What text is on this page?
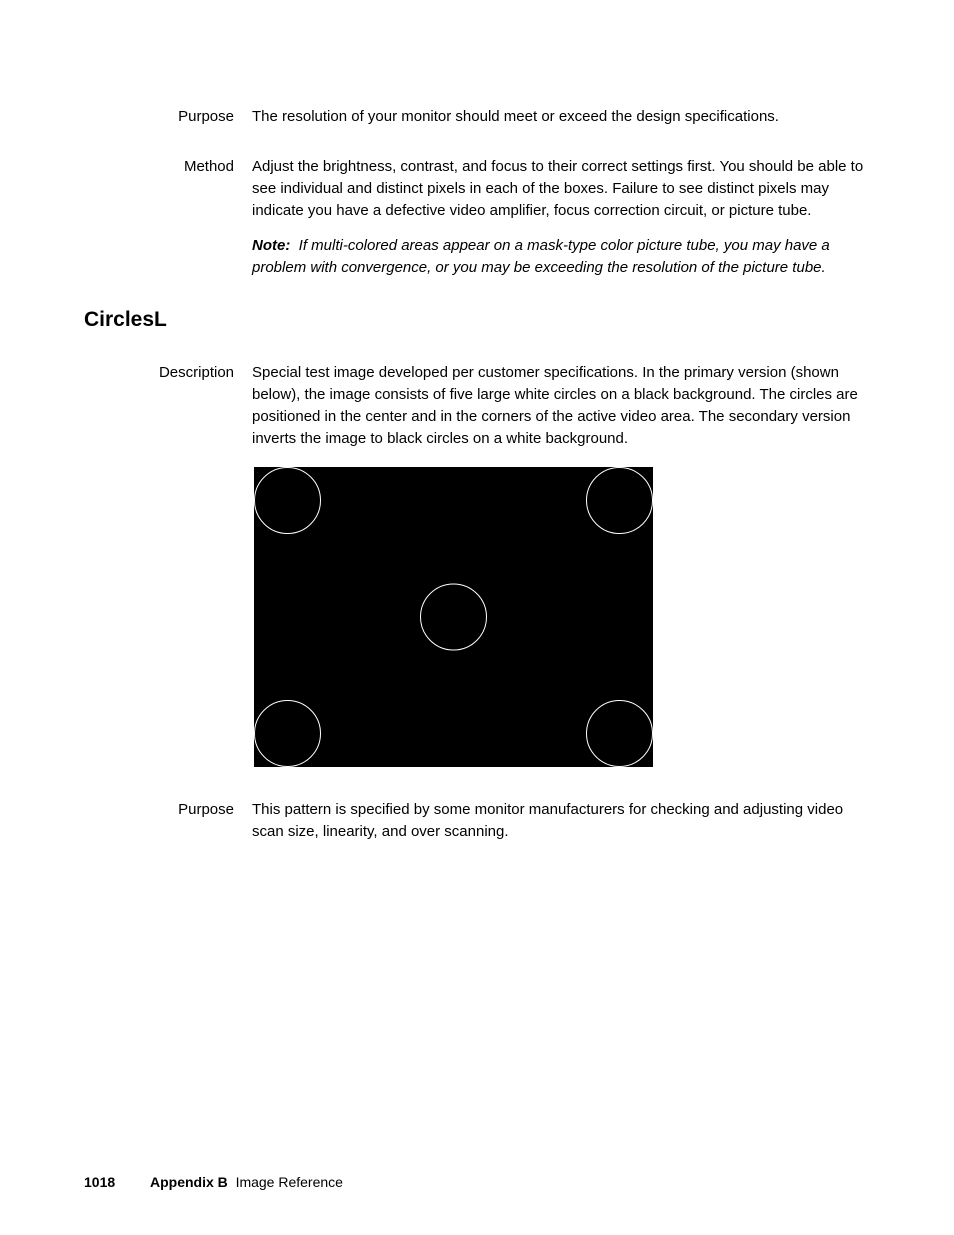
Purpose The resolution of your monitor should meet or exceed the design specifications.
Method Adjust the brightness, contrast, and focus to their correct settings first. You should be able to see individual and distinct pixels in each of the boxes. Failure to see distinct pixels may indicate you have a defective video amplifier, focus correction circuit, or picture tube.
Note: If multi-colored areas appear on a mask-type color picture tube, you may have a problem with convergence, or you may be exceeding the resolution of the picture tube.
CirclesL
Description Special test image developed per customer specifications. In the primary version (shown below), the image consists of five large white circles on a black background. The circles are positioned in the center and in the corners of the active video area. The secondary version inverts the image to black circles on a white background.
Purpose This pattern is specified by some monitor manufacturers for checking and adjusting video scan size, linearity, and over scanning.
1018 Appendix B Image Reference
